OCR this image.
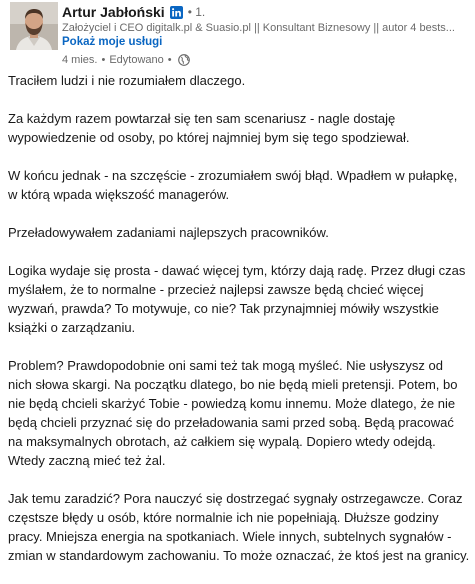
Artur Jabłoński • 1.
Założyciel i CEO digitalk.pl & Suasio.pl || Konsultant Biznesowy || autor 4 bests...
Pokaż moje usługi
4 mies. • Edytowano •

Traciłem ludzi i nie rozumiałem dlaczego.

Za każdym razem powtarzał się ten sam scenariusz - nagle dostaję wypowiedzenie od osoby, po której najmniej bym się tego spodziewał.

W końcu jednak - na szczęście - zrozumiałem swój błąd. Wpadłem w pułapkę, w którą wpada większość managerów.

Przeładowywałem zadaniami najlepszych pracowników.

Logika wydaje się prosta - dawać więcej tym, którzy dają radę. Przez długi czas myślałem, że to normalne - przecież najlepsi zawsze będą chcieć więcej wyzwań, prawda? To motywuje, co nie? Tak przynajmniej mówiły wszystkie książki o zarządzaniu.

Problem? Prawdopodobnie oni sami też tak mogą myśleć. Nie usłyszysz od nich słowa skargi. Na początku dlatego, bo nie będą mieli pretensji. Potem, bo nie będą chcieli skarżyć Tobie - powiedzą komu innemu. Może dlatego, że nie będą chcieli przyznać się do przeładowania sami przed sobą. Będą pracować na maksymalnych obrotach, aż całkiem się wypalą. Dopiero wtedy odejdą. Wtedy zaczną mieć też żal.

Jak temu zaradzić? Pora nauczyć się dostrzegać sygnały ostrzegawcze. Coraz częstsze błędy u osób, które normalnie ich nie popełniają. Dłuższe godziny pracy. Mniejsza energia na spotkaniach. Wiele innych, subtelnych sygnałów - zmian w standardowym zachowaniu. To może oznaczać, że ktoś jest na granicy.
